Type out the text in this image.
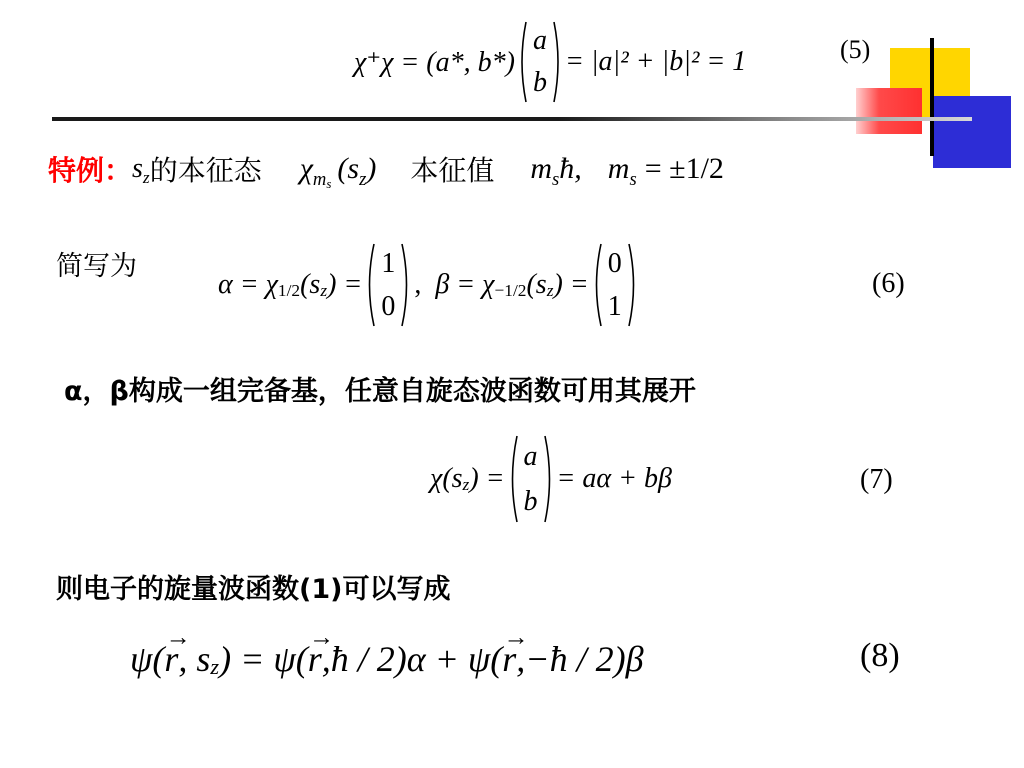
χ⁺χ = (a*, b*)
a
b
= |a|² + |b|² = 1	(5)
特例： $s_z$ 的本征态 $\chi_{m_s}$ $(s_z)$ 本征值 $m_sħ$, $m_s = \pm 1/2$
简写为
α = χ 1/2 (s z ) =
1
0
, β = χ −1/2 (s z ) =
0
1
(6)
α，β构成一组完备基，任意自旋态波函数可用其展开
χ(s z ) =
a
b
= aα + bβ	(7)
则电子的旋量波函数(1)可以写成
ψ( → r , s z ) = ψ( → r ,ħ / 2)α + ψ( → r ,−ħ / 2)β	(8)
